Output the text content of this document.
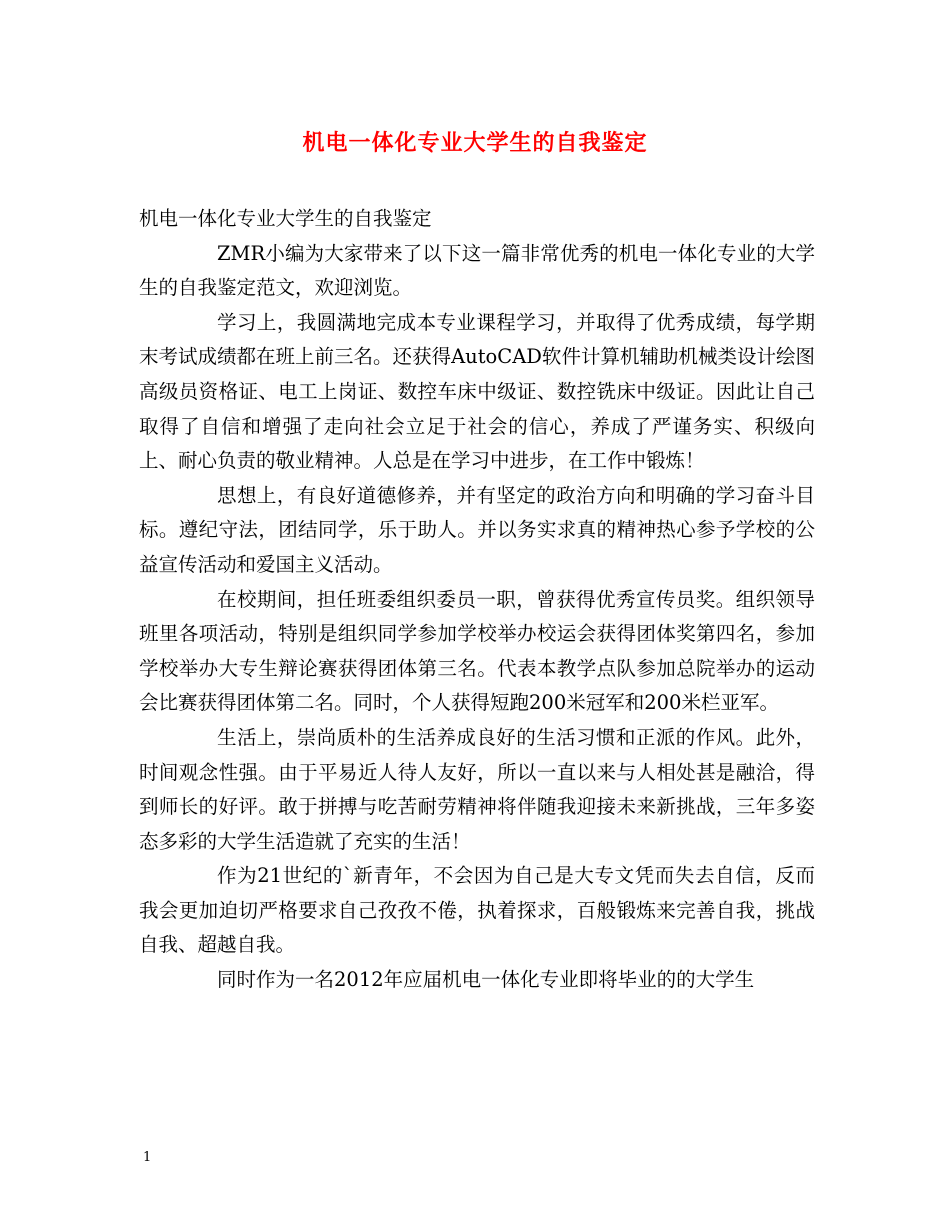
机电一体化专业大学生的自我鉴定

机电一体化专业大学生的自我鉴定

ZMR小编为大家带来了以下这一篇非常优秀的机电一体化专业的大学生的自我鉴定范文，欢迎浏览。

学习上，我圆满地完成本专业课程学习，并取得了优秀成绩，每学期末考试成绩都在班上前三名。还获得AutoCAD软件计算机辅助机械类设计绘图高级员资格证、电工上岗证、数控车床中级证、数控铣床中级证。因此让自己取得了自信和增强了走向社会立足于社会的信心，养成了严谨务实、积级向上、耐心负责的敬业精神。人总是在学习中进步，在工作中锻炼！

思想上，有良好道德修养，并有坚定的政治方向和明确的学习奋斗目标。遵纪守法，团结同学，乐于助人。并以务实求真的精神热心参予学校的公益宣传活动和爱国主义活动。

在校期间，担任班委组织委员一职，曾获得优秀宣传员奖。组织领导班里各项活动，特别是组织同学参加学校举办校运会获得团体奖第四名，参加学校举办大专生辩论赛获得团体第三名。代表本教学点队参加总院举办的运动会比赛获得团体第二名。同时，个人获得短跑200米冠军和200米栏亚军。

生活上，崇尚质朴的生活养成良好的生活习惯和正派的作风。此外，时间观念性强。由于平易近人待人友好，所以一直以来与人相处甚是融洽，得到师长的好评。敢于拼搏与吃苦耐劳精神将伴随我迎接未来新挑战，三年多姿态多彩的大学生活造就了充实的生活！

作为21世纪的`新青年，不会因为自己是大专文凭而失去自信，反而我会更加迫切严格要求自己孜孜不倦，执着探求，百般锻炼来完善自我，挑战自我、超越自我。

同时作为一名2012年应届机电一体化专业即将毕业的的大学生

1
